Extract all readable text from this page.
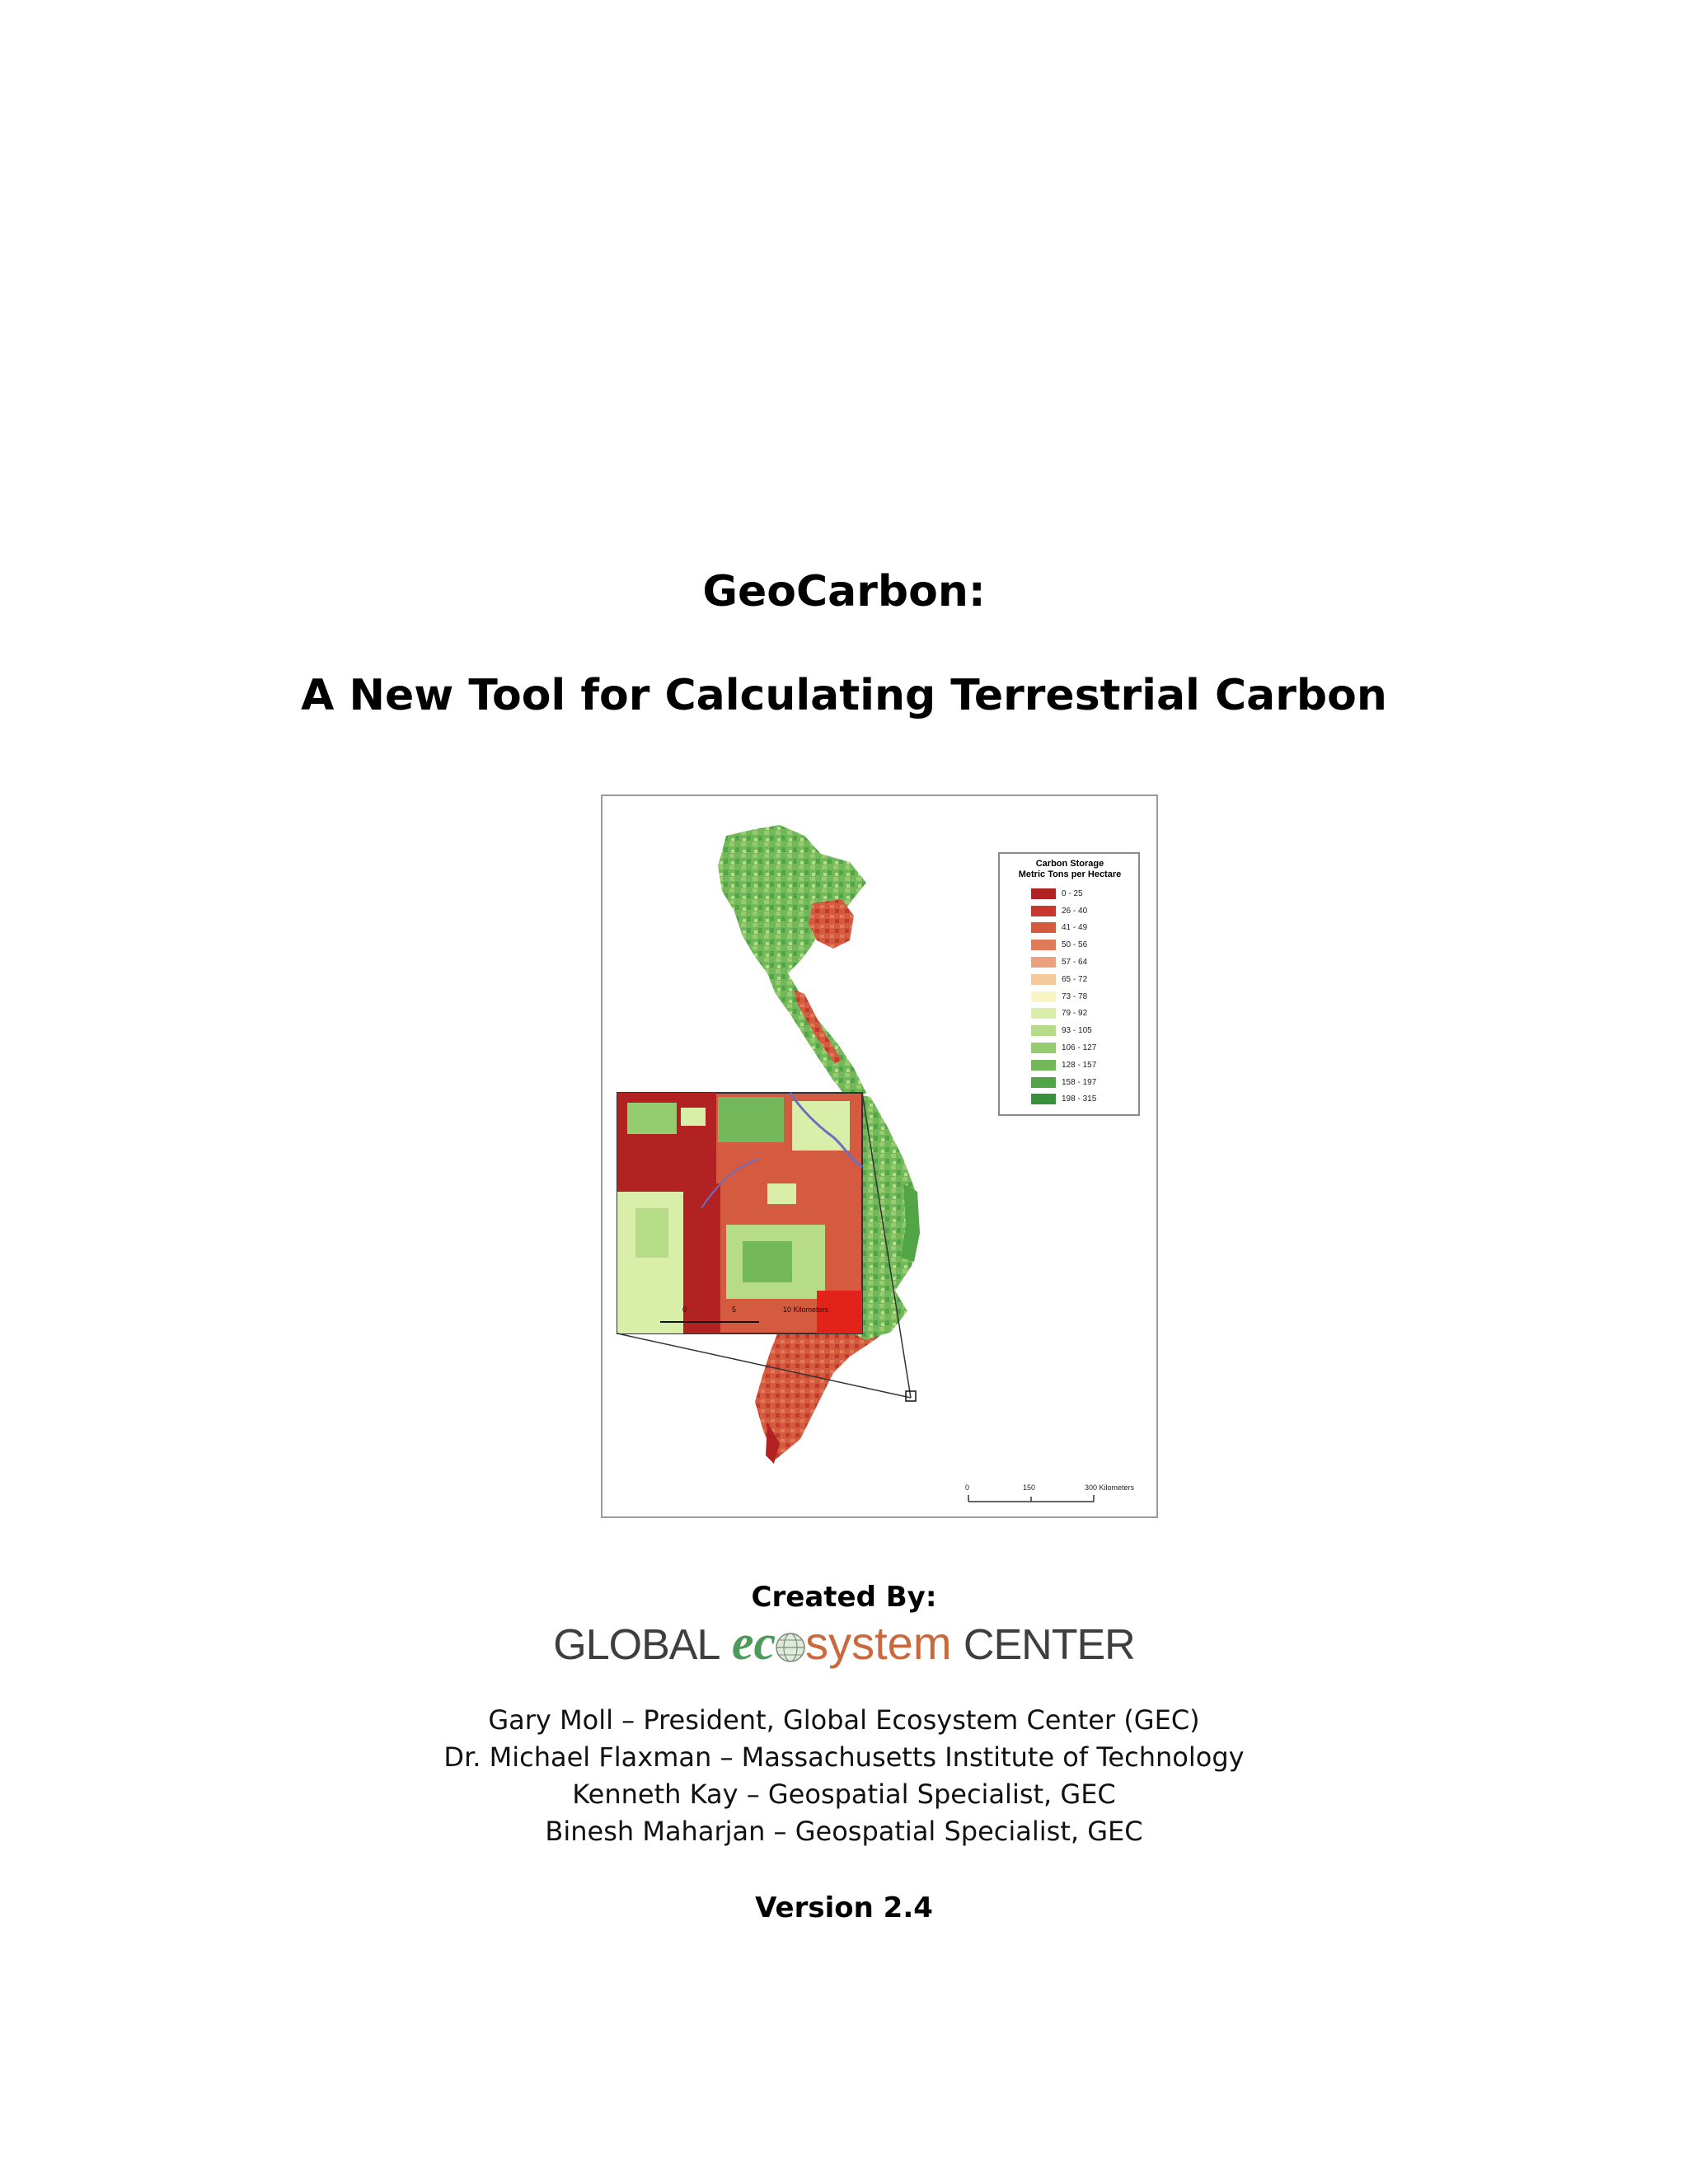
GeoCarbon:
A New Tool for Calculating Terrestrial Carbon
Carbon Storage
Metric Tons per Hectare
0 - 25
26 - 40
41 - 49
50 - 56
57 - 64
65 - 72
73 - 78
79 - 92
93 - 105
106 - 127
128 - 157
158 - 197
198 - 315
0	150	300 Kilometers
0	5	10 Kilometers
Created By:
GLOBAL ec system CENTER
Gary Moll – President, Global Ecosystem Center (GEC)
Dr. Michael Flaxman – Massachusetts Institute of Technology
Kenneth Kay – Geospatial Specialist, GEC
Binesh Maharjan – Geospatial Specialist, GEC
Version 2.4
